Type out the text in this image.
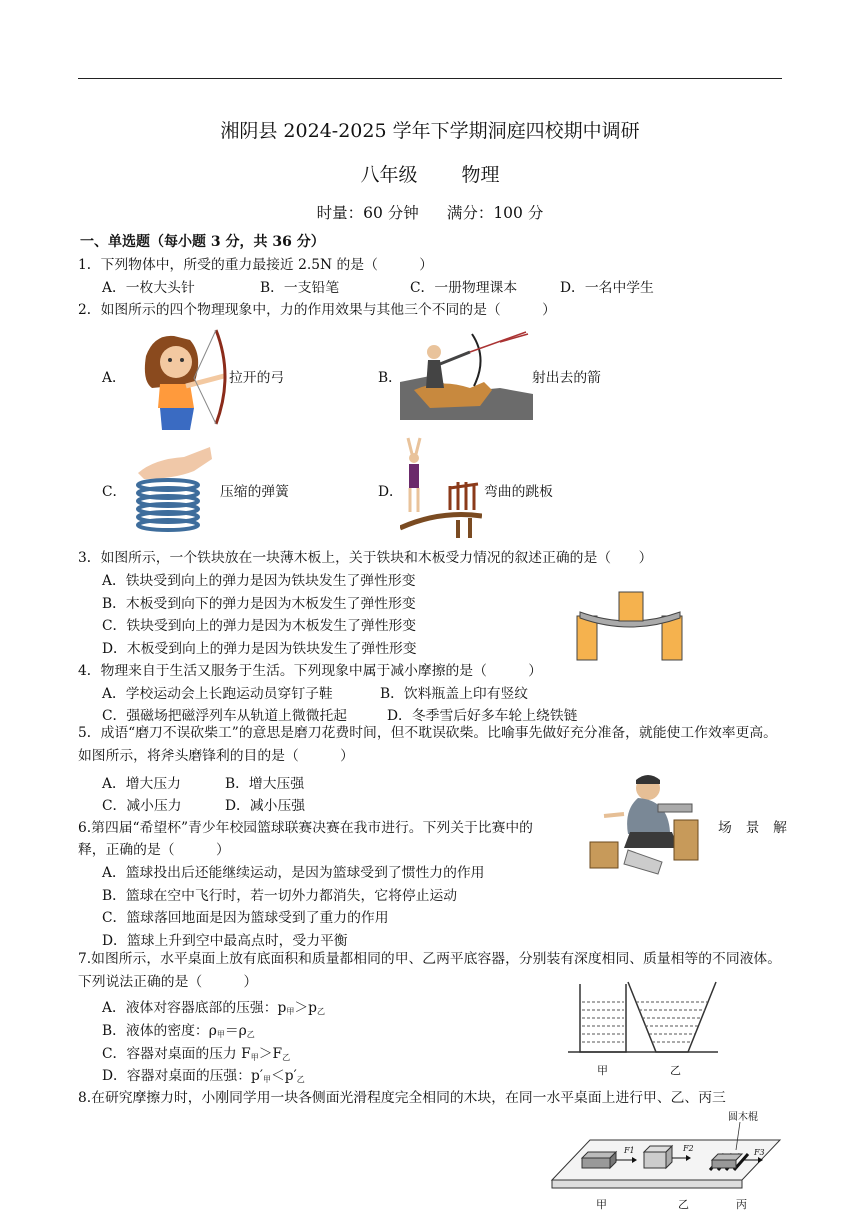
湘阴县 2024-2025 学年下学期洞庭四校期中调研
八年级 物理
时量：60 分钟 满分：100 分
一、单选题（每小题 3 分，共 36 分）
1．下列物体中，所受的重力最接近 2.5N 的是（　　　）
A．一枚大头针	B．一支铅笔	C．一册物理课本	D．一名中学生
2．如图所示的四个物理现象中，力的作用效果与其他三个不同的是（　　　）
A．	拉开的弓	B．	射出去的箭
C．	压缩的弹簧	D．	弯曲的跳板
3．如图所示，一个铁块放在一块薄木板上，关于铁块和木板受力情况的叙述正确的是（　　）
A．铁块受到向上的弹力是因为铁块发生了弹性形变
B．木板受到向下的弹力是因为木板发生了弹性形变
C．铁块受到向上的弹力是因为木板发生了弹性形变
D．木板受到向上的弹力是因为铁块发生了弹性形变
4．物理来自于生活又服务于生活。下列现象中属于减小摩擦的是（　　　）
A．学校运动会上长跑运动员穿钉子鞋	B．饮料瓶盖上印有竖纹
C．强磁场把磁浮列车从轨道上微微托起	D．冬季雪后好多车轮上绕铁链
5．成语“磨刀不误砍柴工”的意思是磨刀花费时间，但不耽误砍柴。比喻事先做好充分准备，就能使工作效率更高。如图所示，将斧头磨锋利的目的是（　　　）
A．增大压力	B．增大压强
C．减小压力	D．减小压强
6.第四届“希望杯”青少年校园篮球联赛决赛在我市进行。下列关于比赛中的	场　景　解
释，正确的是（　　　）
A．篮球投出后还能继续运动，是因为篮球受到了惯性力的作用
B．篮球在空中飞行时，若一切外力都消失，它将停止运动
C．篮球落回地面是因为篮球受到了重力的作用
D．篮球上升到空中最高点时，受力平衡
7.如图所示，水平桌面上放有底面积和质量都相同的甲、乙两平底容器，分别装有深度相同、质量相等的不同液体。下列说法正确的是（　　　）
A．液体对容器底部的压强：$p_甲>p_乙$
B．液体的密度：$\rho_甲=\rho_乙$
C．容器对桌面的压力 $F_甲>F_乙$
D．容器对桌面的压强：$p'_甲<p'_乙$
甲	乙
8.在研究摩擦力时，小刚同学用一块各侧面光滑程度完全相同的木块，在同一水平桌面上进行甲、乙、丙三
圆木棍
F1	F2	F3
甲	乙	丙
